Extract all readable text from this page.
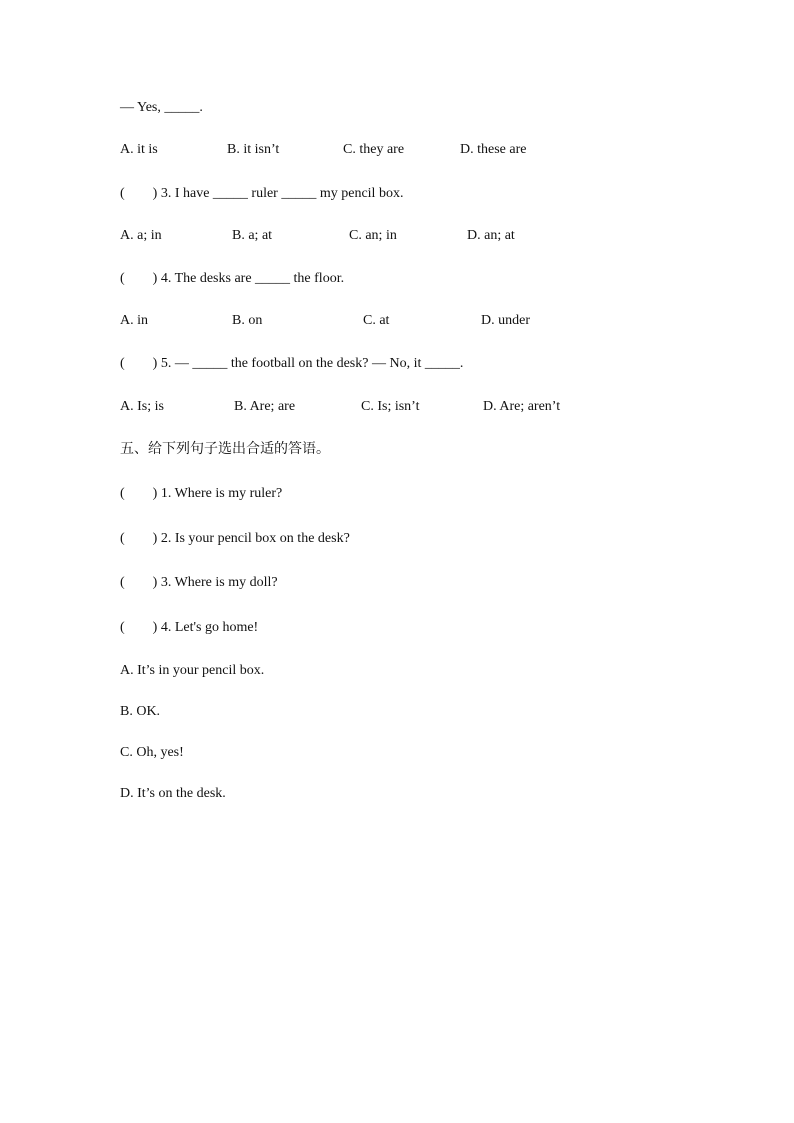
— Yes, _____.
A. it is	B. it isn’t	C. they are	D. these are
(        ) 3. I have _____ ruler _____ my pencil box.
A. a; in	B. a; at	C. an; in	D. an; at
(        ) 4. The desks are _____ the floor.
A. in	B. on	C. at	D. under
(        ) 5. — _____ the football on the desk? — No, it _____.
A. Is; is	B. Are; are	C. Is; isn’t	D. Are; aren’t
五、给下列句子选出合适的答语。
(        ) 1. Where is my ruler?
(        ) 2. Is your pencil box on the desk?
(        ) 3. Where is my doll?
(        ) 4. Let's go home!
A. It’s in your pencil box.
B. OK.
C. Oh, yes!
D. It’s on the desk.
